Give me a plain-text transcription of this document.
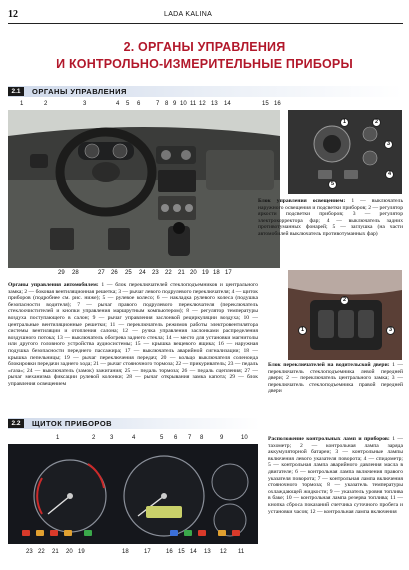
12	LADA KALINA
2. ОРГАНЫ УПРАВЛЕНИЯ
И КОНТРОЛЬНО-ИЗМЕРИТЕЛЬНЫЕ ПРИБОРЫ
2.1	ОРГАНЫ УПРАВЛЕНИЯ
1	2	3	4 5 6	7 8 9 10 11 12 13 14	15 16
29 28	27 26 25 24 23 22 21 20 19 18 17
1	2
3
4
5
Блок управления освещением: 1 — выключатель наружного освещения и подсветки приборов; 2 — регулятор яркости подсветки приборов; 3 — регулятор электрокорректора фар; 4 — выключатель задних противотуманных фонарей; 5 — заглушка (на части автомобилей выключатель противотуманных фар)
1
2
3
Блок переключателей на водительской двери: 1 — переключатель стеклоподъемника левой передней двери; 2 — переключатель центрального замка; 3 — переключатель стеклоподъемника правой передней двери
Органы управления автомобилем: 1 — блок переключателей стеклоподъемников и центрального замка; 2 — боковая вентиляционная решетка; 3 — рычаг левого подрулевого переключателя; 4 — щиток приборов (подробнее см. рис. ниже); 5 — рулевое колесо; 6 — накладка рулевого колеса (подушка безопасности водителя); 7 — рычаг правого подрулевого переключателя (переключатель стеклоочистителей и кнопки управления маршрутным компьютером); 8 — регулятор температуры воздуха поступающего в салон; 9 — рычаг управления заслонкой рециркуляции воздуха; 10 — центральные вентиляционные решетки; 11 — переключатель режимов работы электровентилятора системы вентиляции и отопления салона; 12 — ручка управления заслонками распределения воздушного потока; 13 — выключатель обогрева заднего стекла; 14 — место для установки магнитолы или другого головного устройства аудиосистемы; 15 — крышка вещевого ящика; 16 — наружная подушка безопасности переднего пассажира; 17 — выключатель аварийной сигнализации; 18 — крышка пепельницы; 19 — рычаг переключения передач; 20 — кольцо выключателя соленоида блокировки передачи заднего хода; 21 — рычаг стояночного тормоза; 22 — прикуриватель; 23 — педаль «газа»; 24 — выключатель (замок) зажигания; 25 — педаль тормоза; 26 — педаль сцепления; 27 — рычаг механизма фиксации рулевой колонки; 28 — рычаг открывания замка капота; 29 — блок управления освещением
2.2	ЩИТОК ПРИБОРОВ
1	2 3	4	5 6 7 8	9	10
23 22 21 20 19	18	17	16 15 14 13 12 11
Расположение контрольных ламп и приборов: 1 — тахометр; 2 — контрольная лампа заряда аккумуляторной батареи; 3 — контрольные лампы включения левого указателя поворота; 4 — спидометр; 5 — контрольная лампа аварийного давления масла в двигателе; 6 — контрольная лампа включения правого указателя поворота; 7 — контрольная лампа включения стояночного тормоза; 8 — указатель температуры охлаждающей жидкости; 9 — указатель уровня топлива в баке; 10 — контрольная лампа резерва топлива; 11 — кнопка сброса показаний счетчика суточного пробега и установки часов; 12 — контрольная лампа включения
